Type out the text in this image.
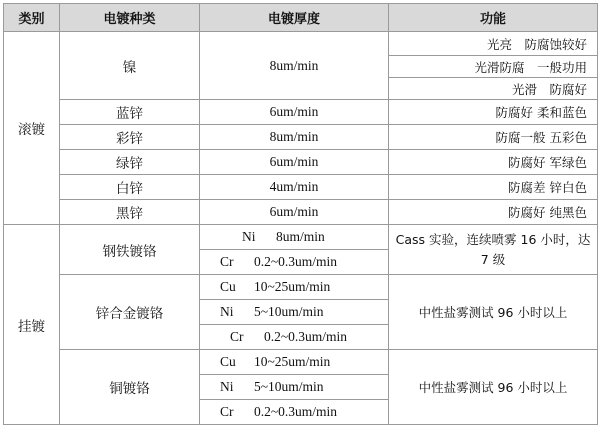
类别	电镀种类	电镀厚度	功能
滚镀	镍	8um/min	光亮　防腐蚀较好
			光滑防腐　一般功用
			光滑　防腐好
	蓝锌	6um/min	防腐好 柔和蓝色
	彩锌	8um/min	防腐一般 五彩色
	绿锌	6um/min	防腐好 军绿色
	白锌	4um/min	防腐差 锌白色
	黑锌	6um/min	防腐好 纯黑色
挂镀	钢铁镀铬	Ni 8um/min	Cass 实验，连续喷雾 16 小时，达 7 级
		Cr 0.2~0.3um/min	
	锌合金镀铬	Cu 10~25um/min	中性盐雾测试 96 小时以上
		Ni 5~10um/min	
		Cr 0.2~0.3um/min	
	铜镀铬	Cu 10~25um/min	中性盐雾测试 96 小时以上
		Ni 5~10um/min	
		Cr 0.2~0.3um/min	
